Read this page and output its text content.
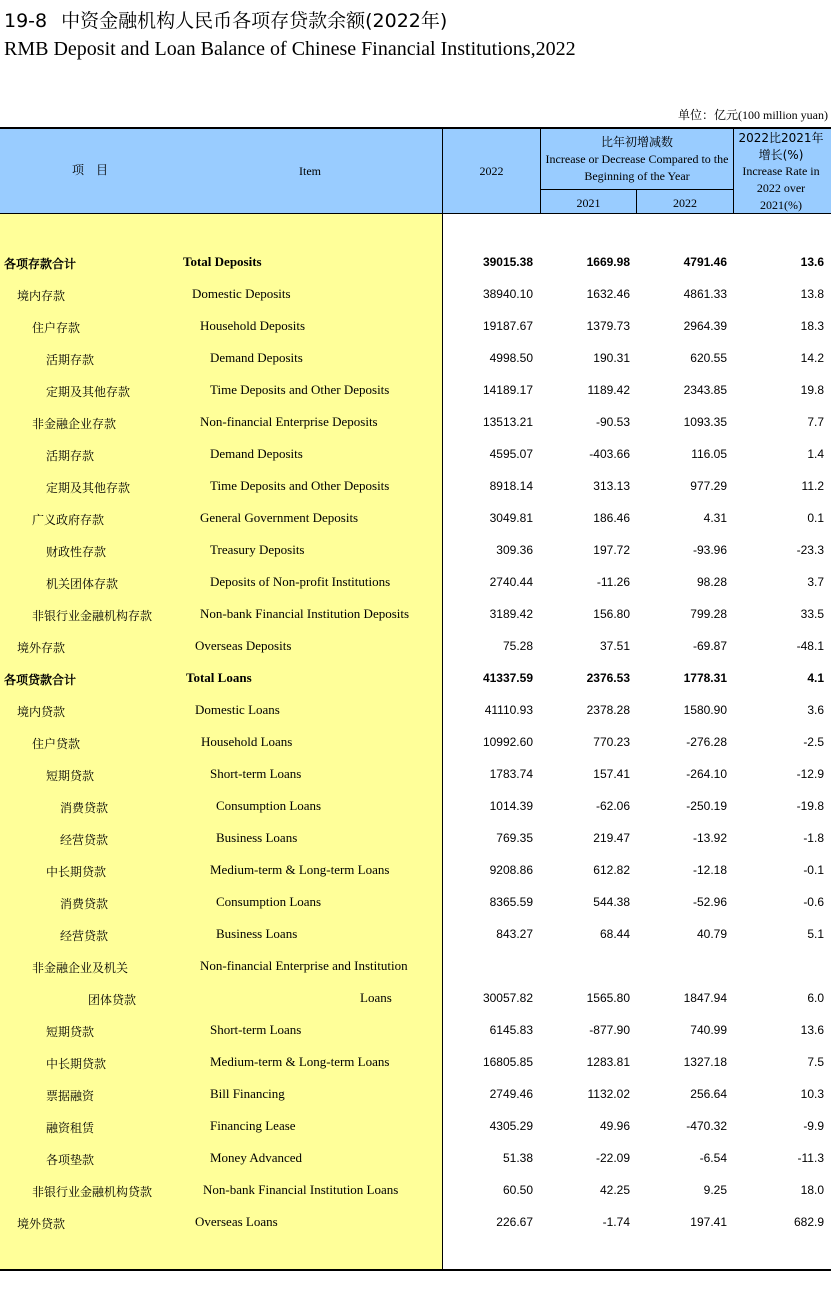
19-8 中资金融机构人民币各项存贷款余额(2022年)
RMB Deposit and Loan Balance of Chinese Financial Institutions,2022
单位：亿元(100 million yuan)
项　目	Item	2022
比年初增减数
Increase or Decrease Compared to the Beginning of the Year
2021	2022
2022比2021年增长(%)
Increase Rate in 2022 over 2021(%)
各项存款合计	Total Deposits	39015.38	1669.98	4791.46	13.6
境内存款	Domestic Deposits	38940.10	1632.46	4861.33	13.8
住户存款	Household Deposits	19187.67	1379.73	2964.39	18.3
活期存款	Demand Deposits	4998.50	190.31	620.55	14.2
定期及其他存款	Time Deposits and Other Deposits	14189.17	1189.42	2343.85	19.8
非金融企业存款	Non-financial Enterprise Deposits	13513.21	-90.53	1093.35	7.7
活期存款	Demand Deposits	4595.07	-403.66	116.05	1.4
定期及其他存款	Time Deposits and Other Deposits	8918.14	313.13	977.29	11.2
广义政府存款	General Government Deposits	3049.81	186.46	4.31	0.1
财政性存款	Treasury Deposits	309.36	197.72	-93.96	-23.3
机关团体存款	Deposits of Non-profit Institutions	2740.44	-11.26	98.28	3.7
非银行业金融机构存款	Non-bank Financial Institution Deposits	3189.42	156.80	799.28	33.5
境外存款	Overseas Deposits	75.28	37.51	-69.87	-48.1
各项贷款合计	Total Loans	41337.59	2376.53	1778.31	4.1
境内贷款	Domestic Loans	41110.93	2378.28	1580.90	3.6
住户贷款	Household Loans	10992.60	770.23	-276.28	-2.5
短期贷款	Short-term Loans	1783.74	157.41	-264.10	-12.9
消费贷款	Consumption Loans	1014.39	-62.06	-250.19	-19.8
经营贷款	Business Loans	769.35	219.47	-13.92	-1.8
中长期贷款	Medium-term & Long-term Loans	9208.86	612.82	-12.18	-0.1
消费贷款	Consumption Loans	8365.59	544.38	-52.96	-0.6
经营贷款	Business Loans	843.27	68.44	40.79	5.1
非金融企业及机关	Non-financial Enterprise and Institution
团体贷款	Loans	30057.82	1565.80	1847.94	6.0
短期贷款	Short-term Loans	6145.83	-877.90	740.99	13.6
中长期贷款	Medium-term & Long-term Loans	16805.85	1283.81	1327.18	7.5
票据融资	Bill Financing	2749.46	1132.02	256.64	10.3
融资租赁	Financing Lease	4305.29	49.96	-470.32	-9.9
各项垫款	Money Advanced	51.38	-22.09	-6.54	-11.3
非银行业金融机构贷款	Non-bank Financial Institution Loans	60.50	42.25	9.25	18.0
境外贷款	Overseas Loans	226.67	-1.74	197.41	682.9
